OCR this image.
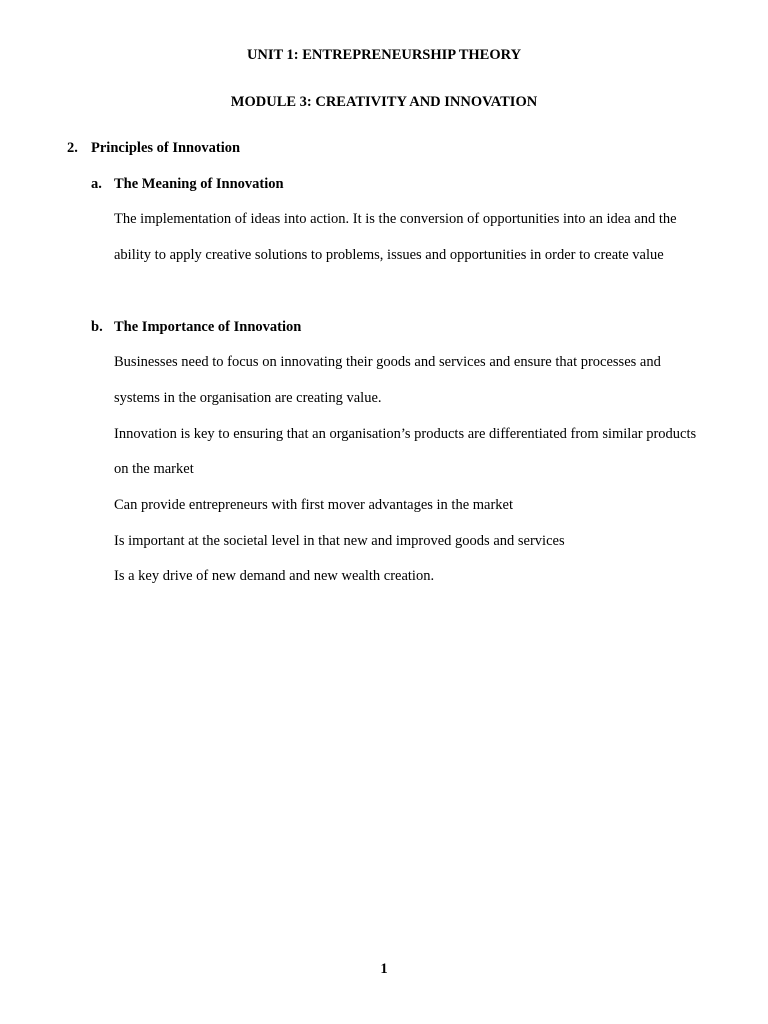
UNIT 1: ENTREPRENEURSHIP THEORY
MODULE 3: CREATIVITY AND INNOVATION
2. Principles of Innovation
a. The Meaning of Innovation
The implementation of ideas into action. It is the conversion of opportunities into an idea and the
ability to apply creative solutions to problems, issues and opportunities in order to create value
b. The Importance of Innovation
Businesses need to focus on innovating their goods and services and ensure that processes and
systems in the organisation are creating value.
Innovation is key to ensuring that an organisation’s products are differentiated from similar products
on the market
Can provide entrepreneurs with first mover advantages in the market
Is important at the societal level in that new and improved goods and services
Is a key drive of new demand and new wealth creation.
1
